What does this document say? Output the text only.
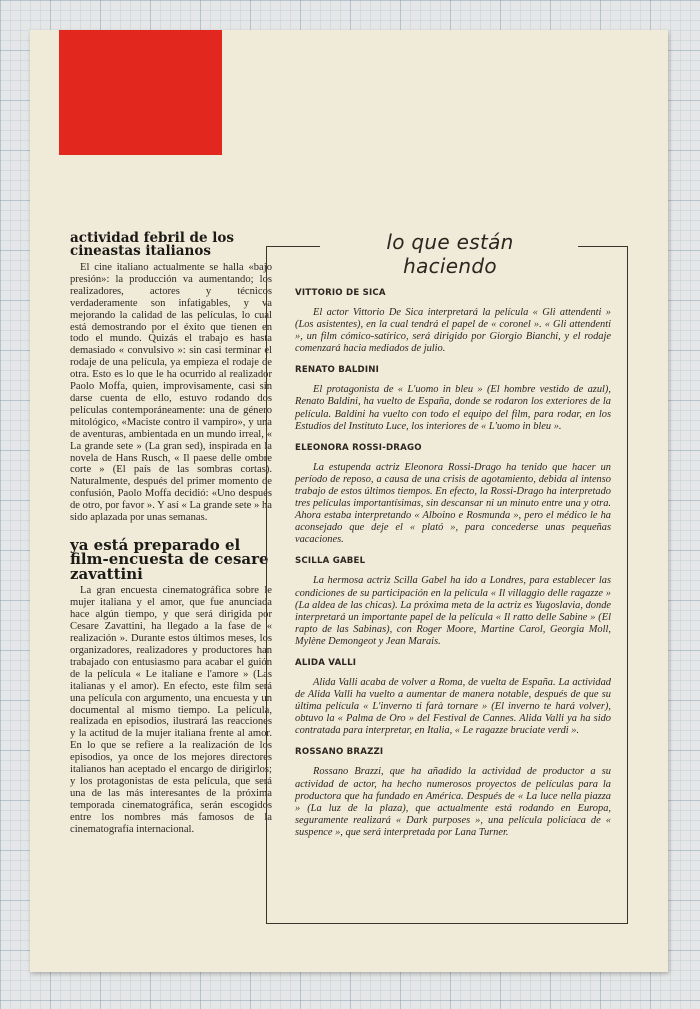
actividad febril de los cineastas italianos

El cine italiano actualmente se halla «bajo presión»: la producción va aumentando; los realizadores, actores y técnicos verdaderamente son infatigables, y va mejorando la calidad de las películas, lo cual está demostrando por el éxito que tienen en todo el mundo. Quizás el trabajo es hasta demasiado « convulsivo »: sin casi terminar el rodaje de una película, ya empieza el rodaje de otra. Esto es lo que le ha ocurrido al realizador Paolo Moffa, quien, improvisamente, casi sin darse cuenta de ello, estuvo rodando dos películas contemporáneamente: una de género mitológico, «Maciste contro il vampiro», y una de aventuras, ambientada en un mundo irreal, « La grande sete » (La gran sed), inspirada en la novela de Hans Rusch, « Il paese delle ombre corte » (El país de las sombras cortas). Naturalmente, después del primer momento de confusión, Paolo Moffa decidió: «Uno después de otro, por favor ». Y así « La grande sete » ha sido aplazada por unas semanas.

ya está preparado el film-encuesta de cesare zavattini

La gran encuesta cinematográfica sobre le mujer italiana y el amor, que fue anunciada hace algún tiempo, y que será dirigida por Cesare Zavattini, ha llegado a la fase de « realización ». Durante estos últimos meses, los organizadores, realizadores y productores han trabajado con entusiasmo para acabar el guión de la película « Le italiane e l'amore » (Las italianas y el amor). En efecto, este film será una película con argumento, una encuesta y un documental al mismo tiempo. La película, realizada en episodios, ilustrará las reacciones y la actitud de la mujer italiana frente al amor. En lo que se refiere a la realización de los episodios, ya once de los mejores directores italianos han aceptado el encargo de dirigirlos; y los protagonistas de esta película, que será una de las más interesantes de la próxima temporada cinematográfica, serán escogidos entre los nombres más famosos de la cinematografía internacional.

lo que están haciendo
VITTORIO DE SICA

El actor Vittorio De Sica interpretará la película « Gli attendenti » (Los asistentes), en la cual tendrá el papel de « coronel ». « Gli attendenti », un film cómico-satírico, será dirigido por Giorgio Bianchi, y el rodaje comenzará hacia mediados de julio.

RENATO BALDINI

El protagonista de « L'uomo in bleu » (El hombre vestido de azul), Renato Baldini, ha vuelto de España, donde se rodaron los exteriores de la película. Baldini ha vuelto con todo el equipo del film, para rodar, en los Estudios del Instituto Luce, los interiores de « L'uomo in bleu ».

ELEONORA ROSSI-DRAGO

La estupenda actriz Eleonora Rossi-Drago ha tenido que hacer un período de reposo, a causa de una crisis de agotamiento, debida al intenso trabajo de estos últimos tiempos. En efecto, la Rossi-Drago ha interpretado tres películas importantísimas, sin descansar ni un minuto entre una y otra. Ahora estaba interpretando « Alboino e Rosmunda », pero el médico le ha aconsejado que deje el « plató », para concederse unas pequeñas vacaciones.

SCILLA GABEL

La hermosa actriz Scilla Gabel ha ido a Londres, para establecer las condiciones de su participación en la película « Il villaggio delle ragazze » (La aldea de las chicas). La próxima meta de la actriz es Yugoslavia, donde interpretará un importante papel de la película « Il ratto delle Sabine » (El rapto de las Sabinas), con Roger Moore, Martine Carol, Georgia Moll, Mylène Demongeot y Jean Marais.

ALIDA VALLI

Alida Valli acaba de volver a Roma, de vuelta de España. La actividad de Alida Valli ha vuelto a aumentar de manera notable, después de que su última película « L'inverno ti farà tornare » (El inverno te hará volver), obtuvo la « Palma de Oro » del Festival de Cannes. Alida Valli ya ha sido contratada para interpretar, en Italia, « Le ragazze bruciate verdi ».

ROSSANO BRAZZI

Rossano Brazzi, que ha añadido la actividad de productor a su actividad de actor, ha hecho numerosos proyectos de películas para la productora que ha fundado en América. Después de « La luce nella piazza » (La luz de la plaza), que actualmente está rodando en Europa, seguramente realizará « Dark purposes », una película policíaca de « suspence », que será interpretada por Lana Turner.
